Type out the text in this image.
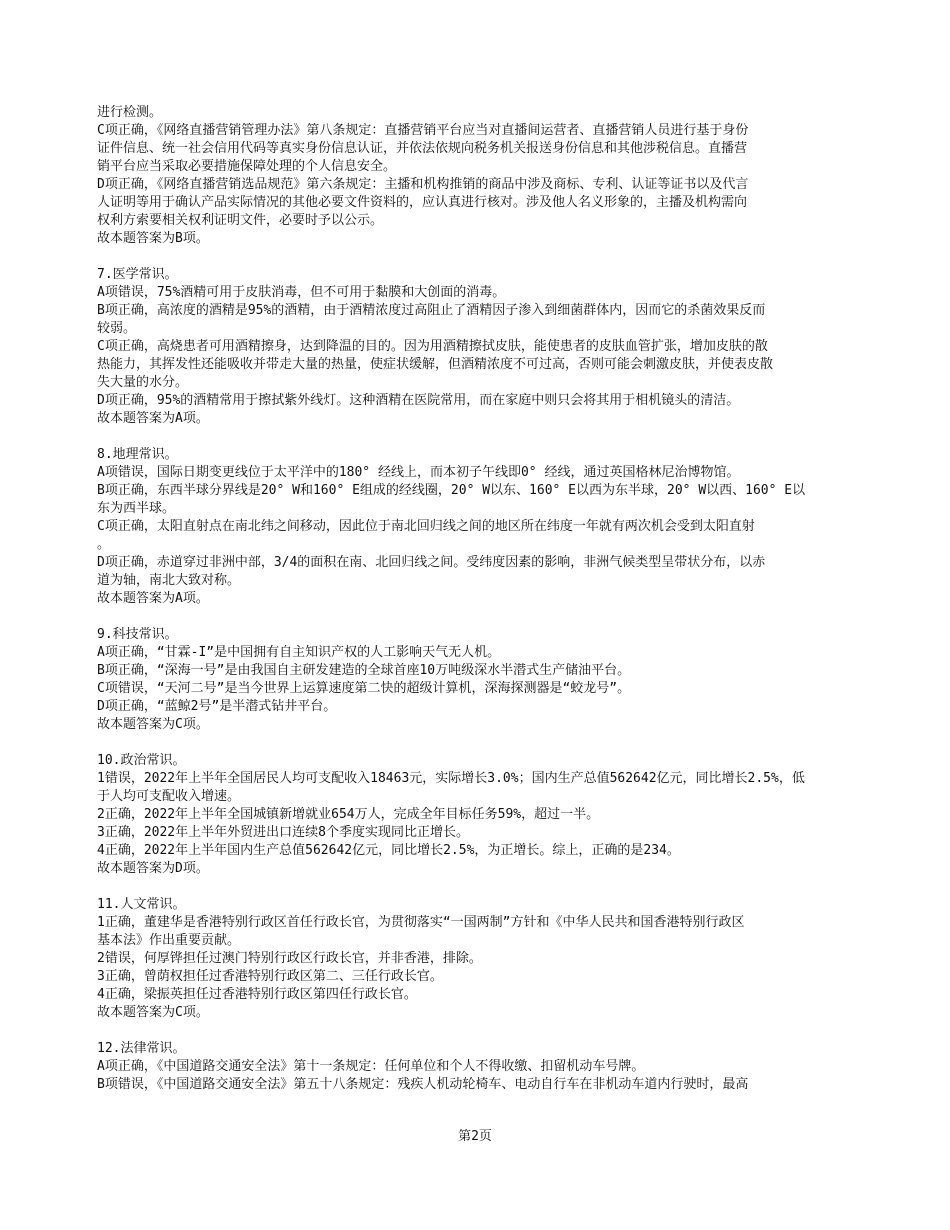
进行检测。
C项正确，《网络直播营销管理办法》第八条规定：直播营销平台应当对直播间运营者、直播营销人员进行基于身份
证件信息、统一社会信用代码等真实身份信息认证，并依法依规向税务机关报送身份信息和其他涉税信息。直播营
销平台应当采取必要措施保障处理的个人信息安全。
D项正确，《网络直播营销选品规范》第六条规定：主播和机构推销的商品中涉及商标、专利、认证等证书以及代言
人证明等用于确认产品实际情况的其他必要文件资料的，应认真进行核对。涉及他人名义形象的，主播及机构需向
权利方索要相关权利证明文件，必要时予以公示。
故本题答案为B项。
7.医学常识。
A项错误，75%酒精可用于皮肤消毒，但不可用于黏膜和大创面的消毒。
B项正确，高浓度的酒精是95%的酒精，由于酒精浓度过高阻止了酒精因子渗入到细菌群体内，因而它的杀菌效果反而
较弱。
C项正确，高烧患者可用酒精擦身，达到降温的目的。因为用酒精擦拭皮肤，能使患者的皮肤血管扩张，增加皮肤的散
热能力，其挥发性还能吸收并带走大量的热量，使症状缓解，但酒精浓度不可过高，否则可能会刺激皮肤，并使表皮散
失大量的水分。
D项正确，95%的酒精常用于擦拭紫外线灯。这种酒精在医院常用，而在家庭中则只会将其用于相机镜头的清洁。
故本题答案为A项。
8.地理常识。
A项错误，国际日期变更线位于太平洋中的180° 经线上，而本初子午线即0° 经线，通过英国格林尼治博物馆。
B项正确，东西半球分界线是20° W和160° E组成的经线圈，20° W以东、160° E以西为东半球，20° W以西、160° E以
东为西半球。
C项正确，太阳直射点在南北纬之间移动，因此位于南北回归线之间的地区所在纬度一年就有两次机会受到太阳直射
。
D项正确，赤道穿过非洲中部，3/4的面积在南、北回归线之间。受纬度因素的影响，非洲气候类型呈带状分布，以赤
道为轴，南北大致对称。
故本题答案为A项。
9.科技常识。
A项正确，“甘霖-I”是中国拥有自主知识产权的人工影响天气无人机。
B项正确，“深海一号”是由我国自主研发建造的全球首座10万吨级深水半潜式生产储油平台。
C项错误，“天河二号”是当今世界上运算速度第二快的超级计算机，深海探测器是“蛟龙号”。
D项正确，“蓝鲸2号”是半潜式钻井平台。
故本题答案为C项。
10.政治常识。
1错误，2022年上半年全国居民人均可支配收入18463元，实际增长3.0%；国内生产总值562642亿元，同比增长2.5%，低
于人均可支配收入增速。
2正确，2022年上半年全国城镇新增就业654万人，完成全年目标任务59%，超过一半。
3正确，2022年上半年外贸进出口连续8个季度实现同比正增长。
4正确，2022年上半年国内生产总值562642亿元，同比增长2.5%，为正增长。综上，正确的是234。
故本题答案为D项。
11.人文常识。
1正确，董建华是香港特别行政区首任行政长官，为贯彻落实“一国两制”方针和《中华人民共和国香港特别行政区
基本法》作出重要贡献。
2错误，何厚铧担任过澳门特别行政区行政长官，并非香港，排除。
3正确，曾荫权担任过香港特别行政区第二、三任行政长官。
4正确，梁振英担任过香港特别行政区第四任行政长官。
故本题答案为C项。
12.法律常识。
A项正确，《中国道路交通安全法》第十一条规定：任何单位和个人不得收缴、扣留机动车号牌。
B项错误，《中国道路交通安全法》第五十八条规定：残疾人机动轮椅车、电动自行车在非机动车道内行驶时，最高
第2页
